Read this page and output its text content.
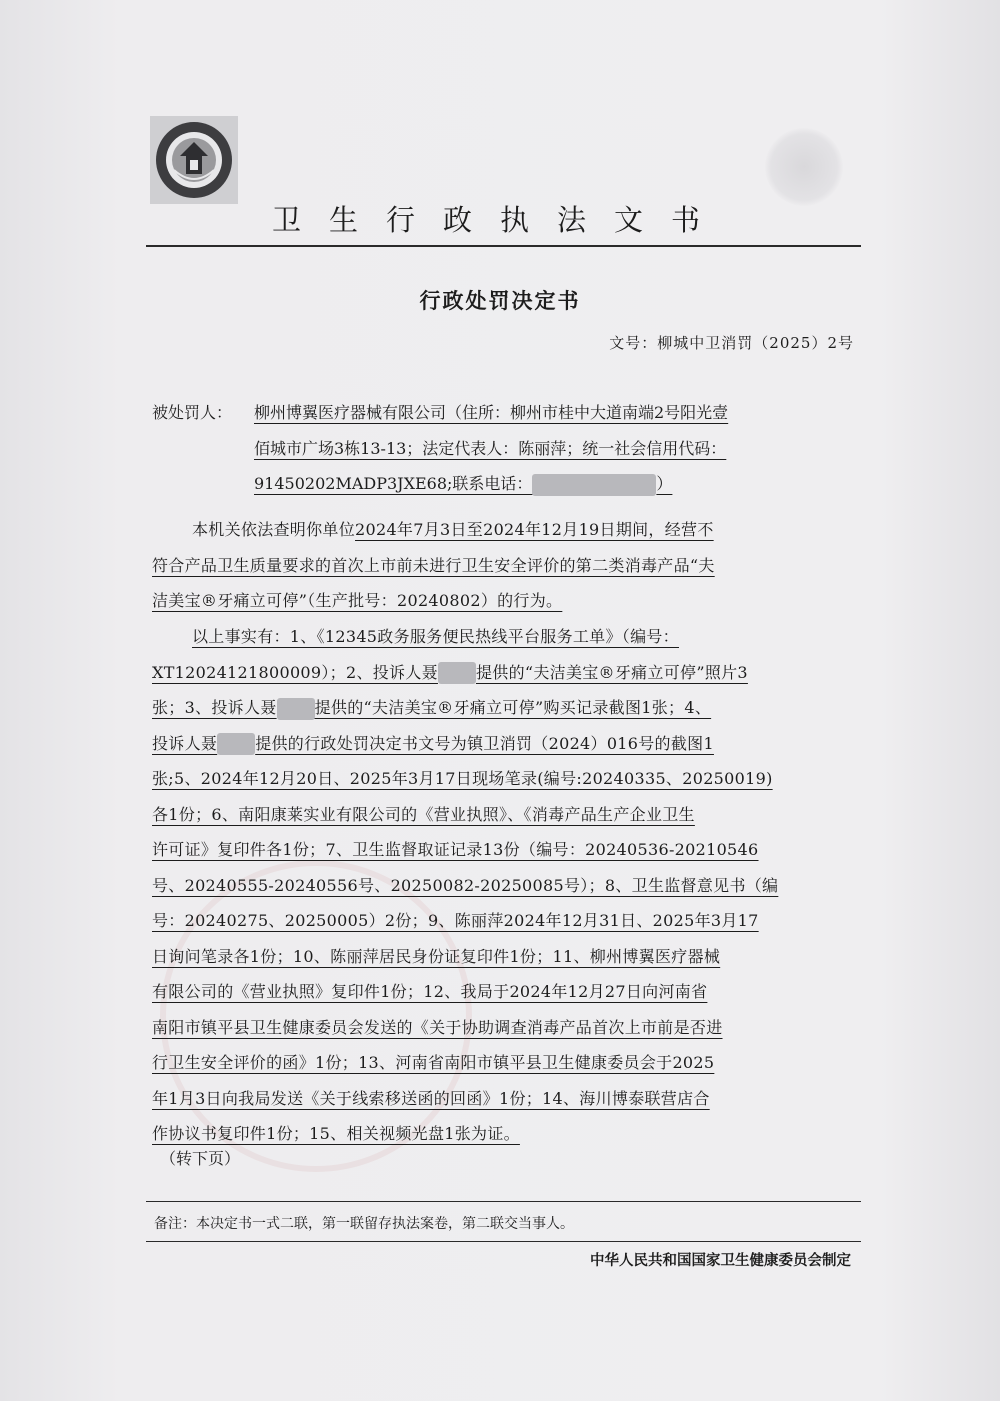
卫生行政执法文书
行政处罚决定书
文号：柳城中卫消罚（2025）2号
被处罚人： 柳州博翼医疗器械有限公司（住所：柳州市桂中大道南端2号阳光壹
佰城市广场3栋13-13；法定代表人：陈丽萍；统一社会信用代码：
91450202MADP3JXE68;联系电话：	）
本机关依法查明你单位2024年7月3日至2024年12月19日期间，经营不
符合产品卫生质量要求的首次上市前未进行卫生安全评价的第二类消毒产品“夫
洁美宝®牙痛立可停”（生产批号：20240802）的行为。
以上事实有：1、《12345政务服务便民热线平台服务工单》（编号：
XT12024121800009）；2、投诉人聂 提供的“夫洁美宝®牙痛立可停”照片3
张；3、投诉人聂 提供的“夫洁美宝®牙痛立可停”购买记录截图1张；4、
投诉人聂 提供的行政处罚决定书文号为镇卫消罚（2024）016号的截图1
张;5、2024年12月20日、2025年3月17日现场笔录(编号:20240335、20250019)
各1份；6、南阳康莱实业有限公司的《营业执照》、《消毒产品生产企业卫生
许可证》复印件各1份；7、卫生监督取证记录13份（编号：20240536-20210546
号、20240555-20240556号、20250082-20250085号）；8、卫生监督意见书（编
号：20240275、20250005）2份；9、陈丽萍2024年12月31日、2025年3月17
日询问笔录各1份；10、陈丽萍居民身份证复印件1份；11、柳州博翼医疗器械
有限公司的《营业执照》复印件1份；12、我局于2024年12月27日向河南省
南阳市镇平县卫生健康委员会发送的《关于协助调查消毒产品首次上市前是否进
行卫生安全评价的函》1份；13、河南省南阳市镇平县卫生健康委员会于2025
年1月3日向我局发送《关于线索移送函的回函》1份；14、海川博泰联营店合
作协议书复印件1份；15、相关视频光盘1张为证。
（转下页）
备注：本决定书一式二联，第一联留存执法案卷，第二联交当事人。
中华人民共和国国家卫生健康委员会制定
